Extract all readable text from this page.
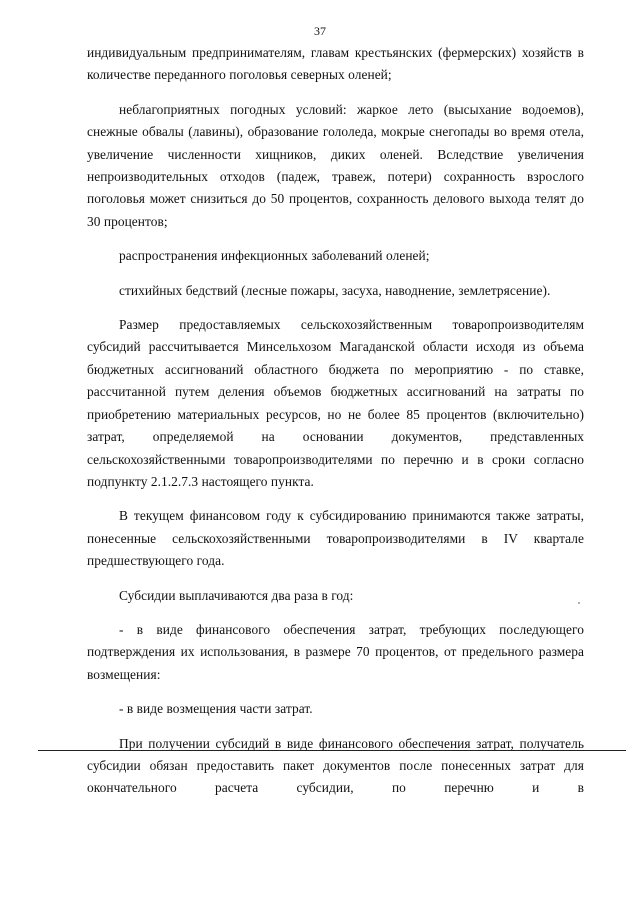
37

индивидуальным предпринимателям, главам крестьянских (фермерских) хозяйств в количестве переданного поголовья северных оленей;

неблагоприятных погодных условий: жаркое лето (высыхание водоемов), снежные обвалы (лавины), образование гололеда, мокрые снегопады во время отела, увеличение численности хищников, диких оленей. Вследствие увеличения непроизводительных отходов (падеж, травеж, потери) сохранность взрослого поголовья может снизиться до 50 процентов, сохранность делового выхода телят до 30 процентов;

распространения инфекционных заболеваний оленей;

стихийных бедствий (лесные пожары, засуха, наводнение, землетрясение).

Размер предоставляемых сельскохозяйственным товаропроизводителям субсидий рассчитывается Минсельхозом Магаданской области исходя из объема бюджетных ассигнований областного бюджета по мероприятию - по ставке, рассчитанной путем деления объемов бюджетных ассигнований на затраты по приобретению материальных ресурсов, но не более 85 процентов (включительно) затрат, определяемой на основании документов, представленных сельскохозяйственными товаропроизводителями по перечню и в сроки согласно подпункту 2.1.2.7.3 настоящего пункта.

В текущем финансовом году к субсидированию принимаются также затраты, понесенные сельскохозяйственными товаропроизводителями в IV квартале предшествующего года.

Субсидии выплачиваются два раза в год:

- в виде финансового обеспечения затрат, требующих последующего подтверждения их использования, в размере 70 процентов, от предельного размера возмещения:

- в виде возмещения части затрат.

При получении субсидий в виде финансового обеспечения затрат, получатель субсидии обязан предоставить пакет документов после понесенных затрат для окончательного расчета субсидии, по перечню и в
